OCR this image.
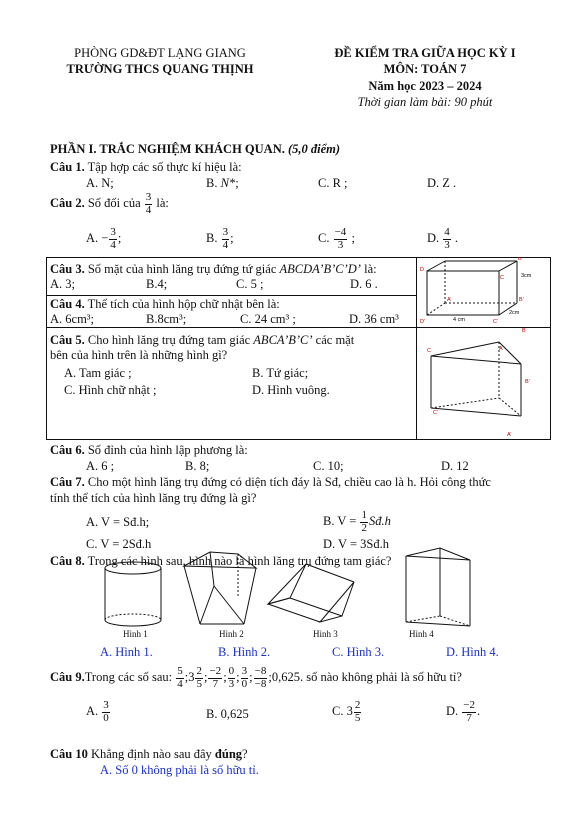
PHÒNG GD&ĐT LẠNG GIANG
TRƯỜNG THCS QUANG THỊNH
ĐỀ KIỂM TRA GIỮA HỌC KỲ I
MÔN: TOÁN 7
Năm học 2023 – 2024
Thời gian làm bài: 90 phút
PHẦN I. TRẮC NGHIỆM KHÁCH QUAN. (5,0 điểm)
Câu 1. Tập hợp các số thực kí hiệu là:
A. N;	B. N*;	C. R ;	D. Z .
Câu 2. Số đối của $\frac{3}{4}$ là:
A. − $\frac{3}{4}$ ;	B. $\frac{3}{4}$ ;	C. $\frac{-4}{3}$ ;	D. $\frac{4}{3}$ .
Câu 3. Số mặt của hình lăng trụ đứng tứ giác ABCDA’B’C’D’ là:
A. 3;	B.4;	C. 5 ;	D. 6 .
Câu 4. Thể tích của hình hộp chữ nhật bên là:
A. 6cm³;	B.8cm³;	C. 24 cm³ ;	D. 36 cm³
D
B
C
A’
D’	C’
B’
3cm
2cm
4 cm
Câu 5. Cho hình lăng trụ đứng tam giác ABCA’B’C’ các mặt
bên của hình trên là những hình gì?
A. Tam giác ;	B. Tứ giác;
C. Hình chữ nhật ;	D. Hình vuông.
C	A
B
B’
C’
A’
Câu 6. Số đỉnh của hình lập phương là:
A. 6 ;	B. 8;	C. 10;	D. 12
Câu 7. Cho một hình lăng trụ đứng có diện tích đáy là Sđ, chiều cao là h. Hỏi công thức
tính thể tích của hình lăng trụ đứng là gì?
A. V = Sđ.h;	B. $V = \frac{1}{2}$ Sđ.h
C. V = 2Sđ.h	D. V = 3Sđ.h
Câu 8. Trong các hình sau, hình nào là hình lăng trụ đứng tam giác?
Hình 1	Hình 2	Hình 3	Hình 4
A. Hình 1.	B. Hình 2.	C. Hình 3.	D. Hình 4.
Câu 9.Trong các số sau: $\frac{5}{4}$ ;3 $\frac{2}{5}$ ; $\frac{-2}{7}$ ; $\frac{0}{3}$ ; $\frac{3}{0}$ ; $\frac{-8}{-8}$ ;0,625. số nào không phải là số hữu tỉ?
A. $\frac{3}{0}$	B. 0,625	C. $3 \frac{2}{5}$	D. $\frac{-2}{7}$ .
Câu 10 Khẳng định nào sau đây đúng?
A. Số 0 không phải là số hữu tỉ.
